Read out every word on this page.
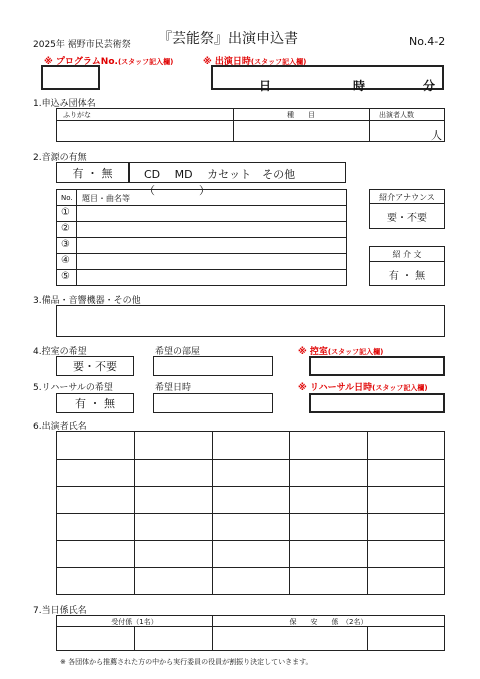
2025年 裾野市民芸術祭 『芸能祭』出演申込書	No.4-2
※ プログラムNo.(スタッフ記入欄)	※ 出演日時(スタッフ記入欄)
日	時	分
1.申込み団体名
ふりがな	種　　目	出演者人数
人
2.音源の有無
有 ・ 無	CD　 MD　 カセット　その他（　　　　）
No. 題目・曲名等
①
②
③
④
⑤
紹介アナウンス
要・不要
紹 介 文
有 ・ 無
3.備品・音響機器・その他
4.控室の希望
要・不要
希望の部屋	※ 控室(スタッフ記入欄)
5.リハーサルの希望
有 ・ 無
希望日時	※ リハーサル日時(スタッフ記入欄)
6.出演者氏名
7.当日係氏名
受付係（1名）	保　　安　　係　（2名）
※ 各団体から推薦された方の中から実行委員の役員が割振り決定していきます。
